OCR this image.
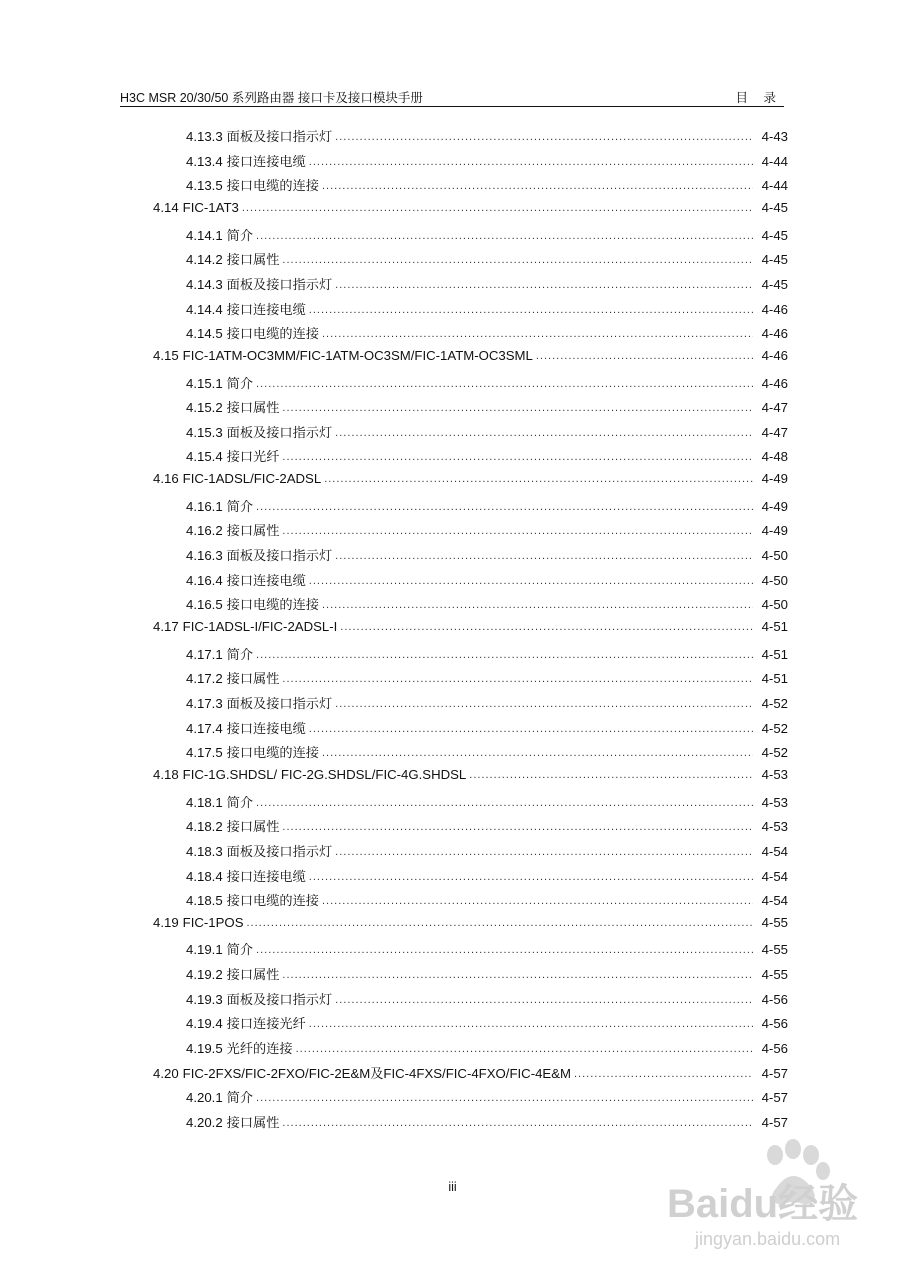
H3C MSR 20/30/50 系列路由器 接口卡及接口模块手册	目 录
4.13.3 面板及接口指示灯 .....	4-43
4.13.4 接口连接电缆 .....	4-44
4.13.5 接口电缆的连接 .....	4-44
4.14 FIC-1AT3 .....	4-45
4.14.1 简介 .....	4-45
4.14.2 接口属性 .....	4-45
4.14.3 面板及接口指示灯 .....	4-45
4.14.4 接口连接电缆 .....	4-46
4.14.5 接口电缆的连接 .....	4-46
4.15 FIC-1ATM-OC3MM/FIC-1ATM-OC3SM/FIC-1ATM-OC3SML .....	4-46
4.15.1 简介 .....	4-46
4.15.2 接口属性 .....	4-47
4.15.3 面板及接口指示灯 .....	4-47
4.15.4 接口光纤 .....	4-48
4.16 FIC-1ADSL/FIC-2ADSL .....	4-49
4.16.1 简介 .....	4-49
4.16.2 接口属性 .....	4-49
4.16.3 面板及接口指示灯 .....	4-50
4.16.4 接口连接电缆 .....	4-50
4.16.5 接口电缆的连接 .....	4-50
4.17 FIC-1ADSL-I/FIC-2ADSL-I .....	4-51
4.17.1 简介 .....	4-51
4.17.2 接口属性 .....	4-51
4.17.3 面板及接口指示灯 .....	4-52
4.17.4 接口连接电缆 .....	4-52
4.17.5 接口电缆的连接 .....	4-52
4.18 FIC-1G.SHDSL/ FIC-2G.SHDSL/FIC-4G.SHDSL .....	4-53
4.18.1 简介 .....	4-53
4.18.2 接口属性 .....	4-53
4.18.3 面板及接口指示灯 .....	4-54
4.18.4 接口连接电缆 .....	4-54
4.18.5 接口电缆的连接 .....	4-54
4.19 FIC-1POS .....	4-55
4.19.1 简介 .....	4-55
4.19.2 接口属性 .....	4-55
4.19.3 面板及接口指示灯 .....	4-56
4.19.4 接口连接光纤 .....	4-56
4.19.5 光纤的连接 .....	4-56
4.20 FIC-2FXS/FIC-2FXO/FIC-2E&M及FIC-4FXS/FIC-4FXO/FIC-4E&M .....	4-57
4.20.1 简介 .....	4-57
4.20.2 接口属性 .....	4-57
iii	Baidu经验
jingyan.baidu.com
